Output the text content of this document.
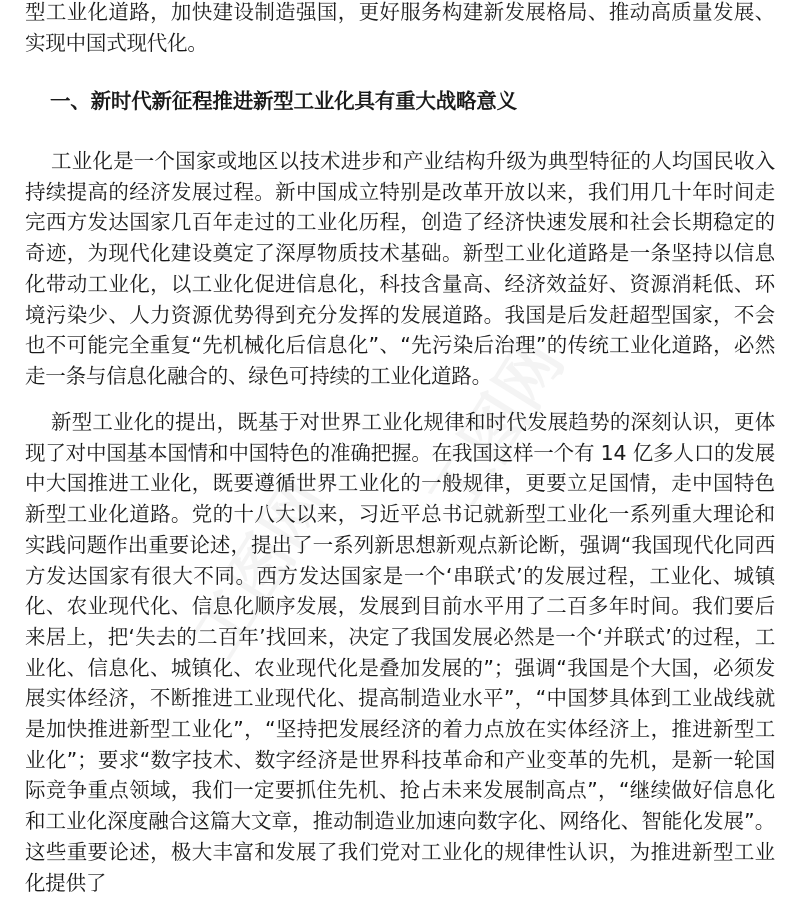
工图网
工图网

型工业化道路，加快建设制造强国，更好服务构建新发展格局、推动高质量发展、实现中国式现代化。

一、新时代新征程推进新型工业化具有重大战略意义

工业化是一个国家或地区以技术进步和产业结构升级为典型特征的人均国民收入持续提高的经济发展过程。新中国成立特别是改革开放以来，我们用几十年时间走完西方发达国家几百年走过的工业化历程，创造了经济快速发展和社会长期稳定的奇迹，为现代化建设奠定了深厚物质技术基础。新型工业化道路是一条坚持以信息化带动工业化，以工业化促进信息化，科技含量高、经济效益好、资源消耗低、环境污染少、人力资源优势得到充分发挥的发展道路。我国是后发赶超型国家，不会也不可能完全重复“先机械化后信息化”、“先污染后治理”的传统工业化道路，必然走一条与信息化融合的、绿色可持续的工业化道路。

新型工业化的提出，既基于对世界工业化规律和时代发展趋势的深刻认识，更体现了对中国基本国情和中国特色的准确把握。在我国这样一个有 14 亿多人口的发展中大国推进工业化，既要遵循世界工业化的一般规律，更要立足国情，走中国特色新型工业化道路。党的十八大以来，习近平总书记就新型工业化一系列重大理论和实践问题作出重要论述，提出了一系列新思想新观点新论断，强调“我国现代化同西方发达国家有很大不同。西方发达国家是一个‘串联式’的发展过程，工业化、城镇化、农业现代化、信息化顺序发展，发展到目前水平用了二百多年时间。我们要后来居上，把‘失去的二百年’找回来，决定了我国发展必然是一个‘并联式’的过程，工业化、信息化、城镇化、农业现代化是叠加发展的”；强调“我国是个大国，必须发展实体经济，不断推进工业现代化、提高制造业水平”，“中国梦具体到工业战线就是加快推进新型工业化”，“坚持把发展经济的着力点放在实体经济上，推进新型工业化”；要求“数字技术、数字经济是世界科技革命和产业变革的先机，是新一轮国际竞争重点领域，我们一定要抓住先机、抢占未来发展制高点”，“继续做好信息化和工业化深度融合这篇大文章，推动制造业加速向数字化、网络化、智能化发展”。这些重要论述，极大丰富和发展了我们党对工业化的规律性认识，为推进新型工业化提供了
